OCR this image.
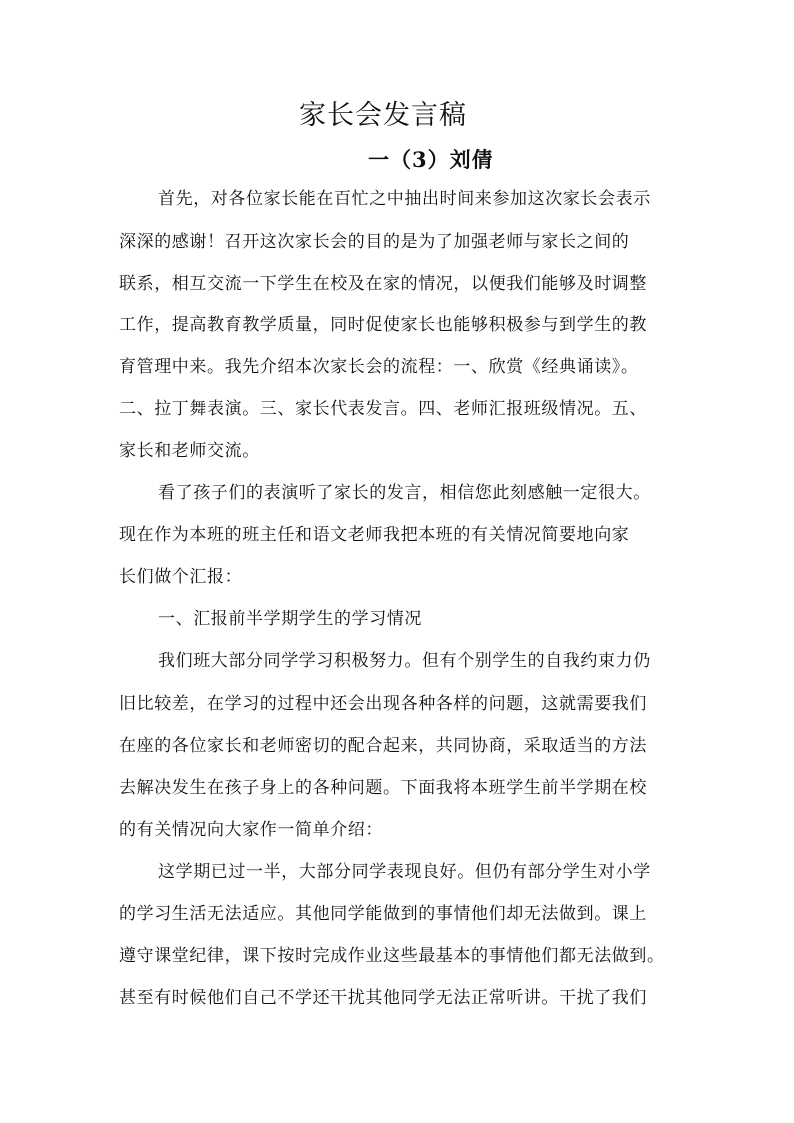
家长会发言稿
一（3）刘倩
首先，对各位家长能在百忙之中抽出时间来参加这次家长会表示
深深的感谢！召开这次家长会的目的是为了加强老师与家长之间的
联系，相互交流一下学生在校及在家的情况，以便我们能够及时调整
工作，提高教育教学质量，同时促使家长也能够积极参与到学生的教
育管理中来。我先介绍本次家长会的流程：一、欣赏《经典诵读》。
二、拉丁舞表演。三、家长代表发言。四、老师汇报班级情况。五、
家长和老师交流。
看了孩子们的表演听了家长的发言，相信您此刻感触一定很大。
现在作为本班的班主任和语文老师我把本班的有关情况简要地向家
长们做个汇报：
一、汇报前半学期学生的学习情况
我们班大部分同学学习积极努力。但有个别学生的自我约束力仍
旧比较差，在学习的过程中还会出现各种各样的问题，这就需要我们
在座的各位家长和老师密切的配合起来，共同协商，采取适当的方法
去解决发生在孩子身上的各种问题。下面我将本班学生前半学期在校
的有关情况向大家作一简单介绍：
这学期已过一半，大部分同学表现良好。但仍有部分学生对小学
的学习生活无法适应。其他同学能做到的事情他们却无法做到。课上
遵守课堂纪律，课下按时完成作业这些最基本的事情他们都无法做到。
甚至有时候他们自己不学还干扰其他同学无法正常听讲。干扰了我们
